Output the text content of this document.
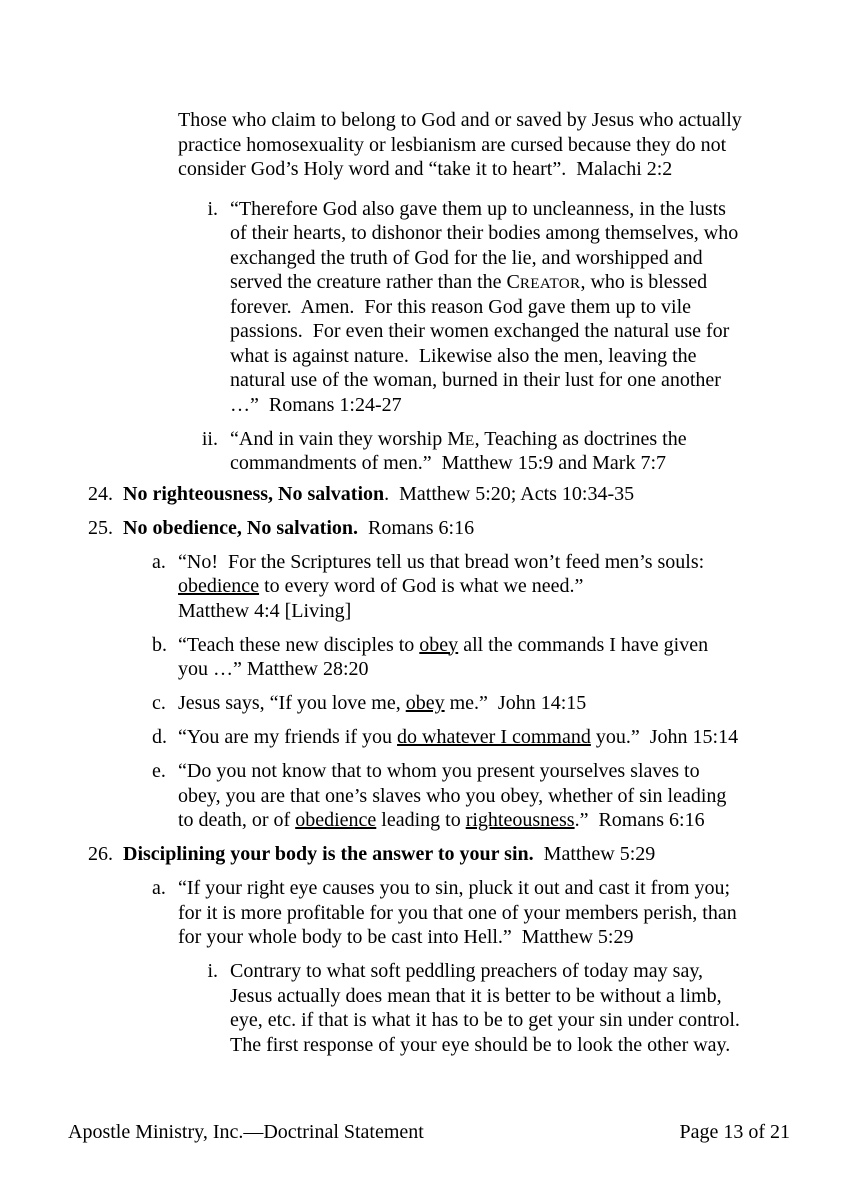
Those who claim to belong to God and or saved by Jesus who actually
practice homosexuality or lesbianism are cursed because they do not
consider God’s Holy word and “take it to heart”.  Malachi 2:2
i. “Therefore God also gave them up to uncleanness, in the lusts
of their hearts, to dishonor their bodies among themselves, who
exchanged the truth of God for the lie, and worshipped and
served the creature rather than the CREATOR, who is blessed
forever.  Amen.  For this reason God gave them up to vile
passions.  For even their women exchanged the natural use for
what is against nature.  Likewise also the men, leaving the
natural use of the woman, burned in their lust for one another
…”  Romans 1:24-27
ii. “And in vain they worship ME, Teaching as doctrines the
commandments of men.”  Matthew 15:9 and Mark 7:7
24. No righteousness, No salvation.  Matthew 5:20; Acts 10:34-35
25. No obedience, No salvation.  Romans 6:16
a. “No!  For the Scriptures tell us that bread won’t feed men’s souls:
obedience to every word of God is what we need.”
Matthew 4:4 [Living]
b. “Teach these new disciples to obey all the commands I have given
you …” Matthew 28:20
c. Jesus says, “If you love me, obey me.”  John 14:15
d. “You are my friends if you do whatever I command you.”  John 15:14
e. “Do you not know that to whom you present yourselves slaves to
obey, you are that one’s slaves who you obey, whether of sin leading
to death, or of obedience leading to righteousness.”  Romans 6:16
26. Disciplining your body is the answer to your sin.  Matthew 5:29
a. “If your right eye causes you to sin, pluck it out and cast it from you;
for it is more profitable for you that one of your members perish, than
for your whole body to be cast into Hell.”  Matthew 5:29
i. Contrary to what soft peddling preachers of today may say,
Jesus actually does mean that it is better to be without a limb,
eye, etc. if that is what it has to be to get your sin under control.
The first response of your eye should be to look the other way.
Apostle Ministry, Inc.—Doctrinal Statement	Page 13 of 21
